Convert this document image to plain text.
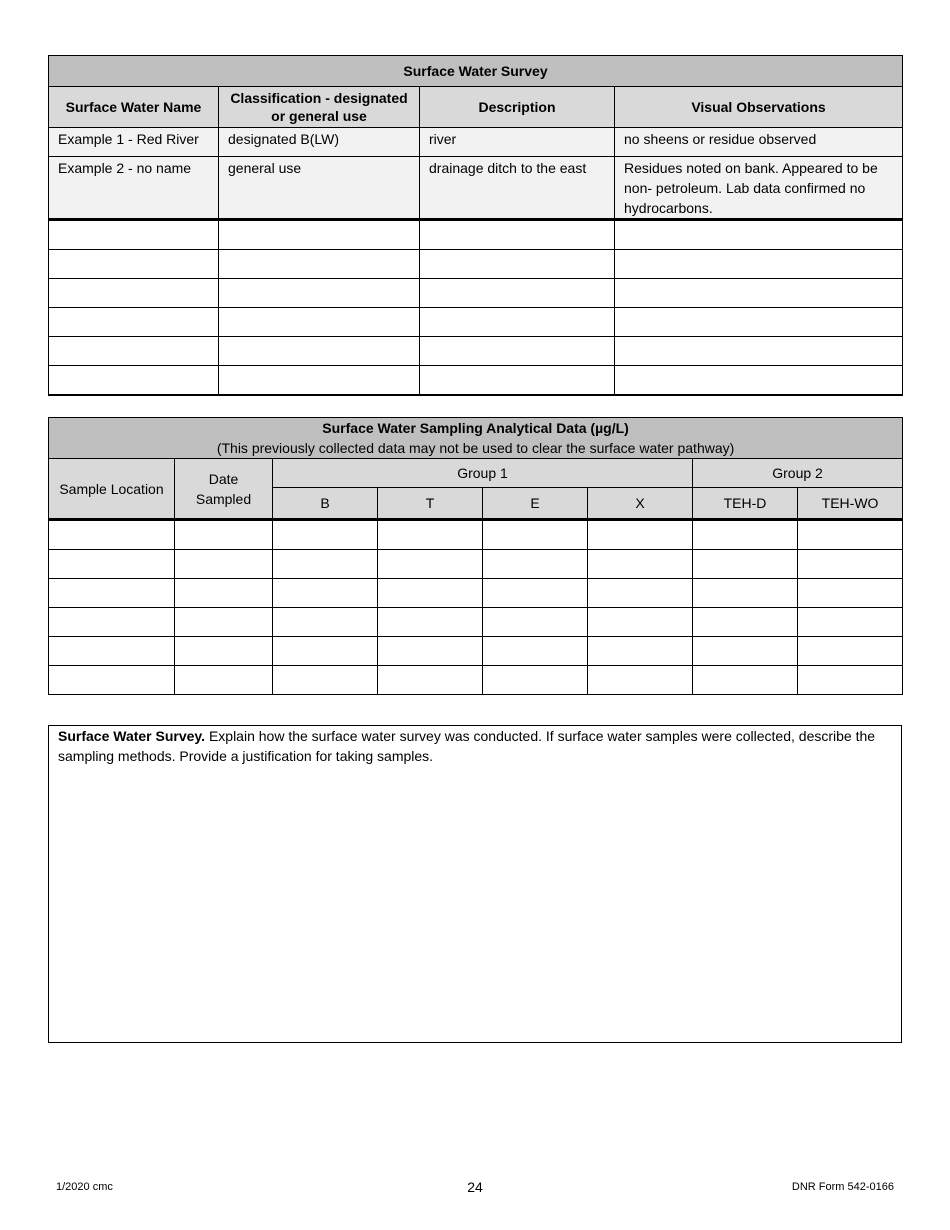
Surface Water Survey			
Surface Water Name	Classification - designated or general use	Description	Visual Observations
Example 1 - Red River	designated B(LW)	river	no sheens or residue observed
Example 2 - no name	general use	drainage ditch to the east	Residues noted on bank. Appeared to be non- petroleum. Lab data confirmed no hydrocarbons.

Surface Water Sampling Analytical Data (µg/L)
(This previously collected data may not be used to clear the surface water pathway)							

Sample Location	Date Sampled	Group 1				Group 2	
		B	T	E	X	TEH-D	TEH-WO

Surface Water Survey. Explain how the surface water survey was conducted. If surface water samples were collected, describe the sampling methods. Provide a justification for taking samples.
1/2020 cmc	24	DNR Form 542-0166
